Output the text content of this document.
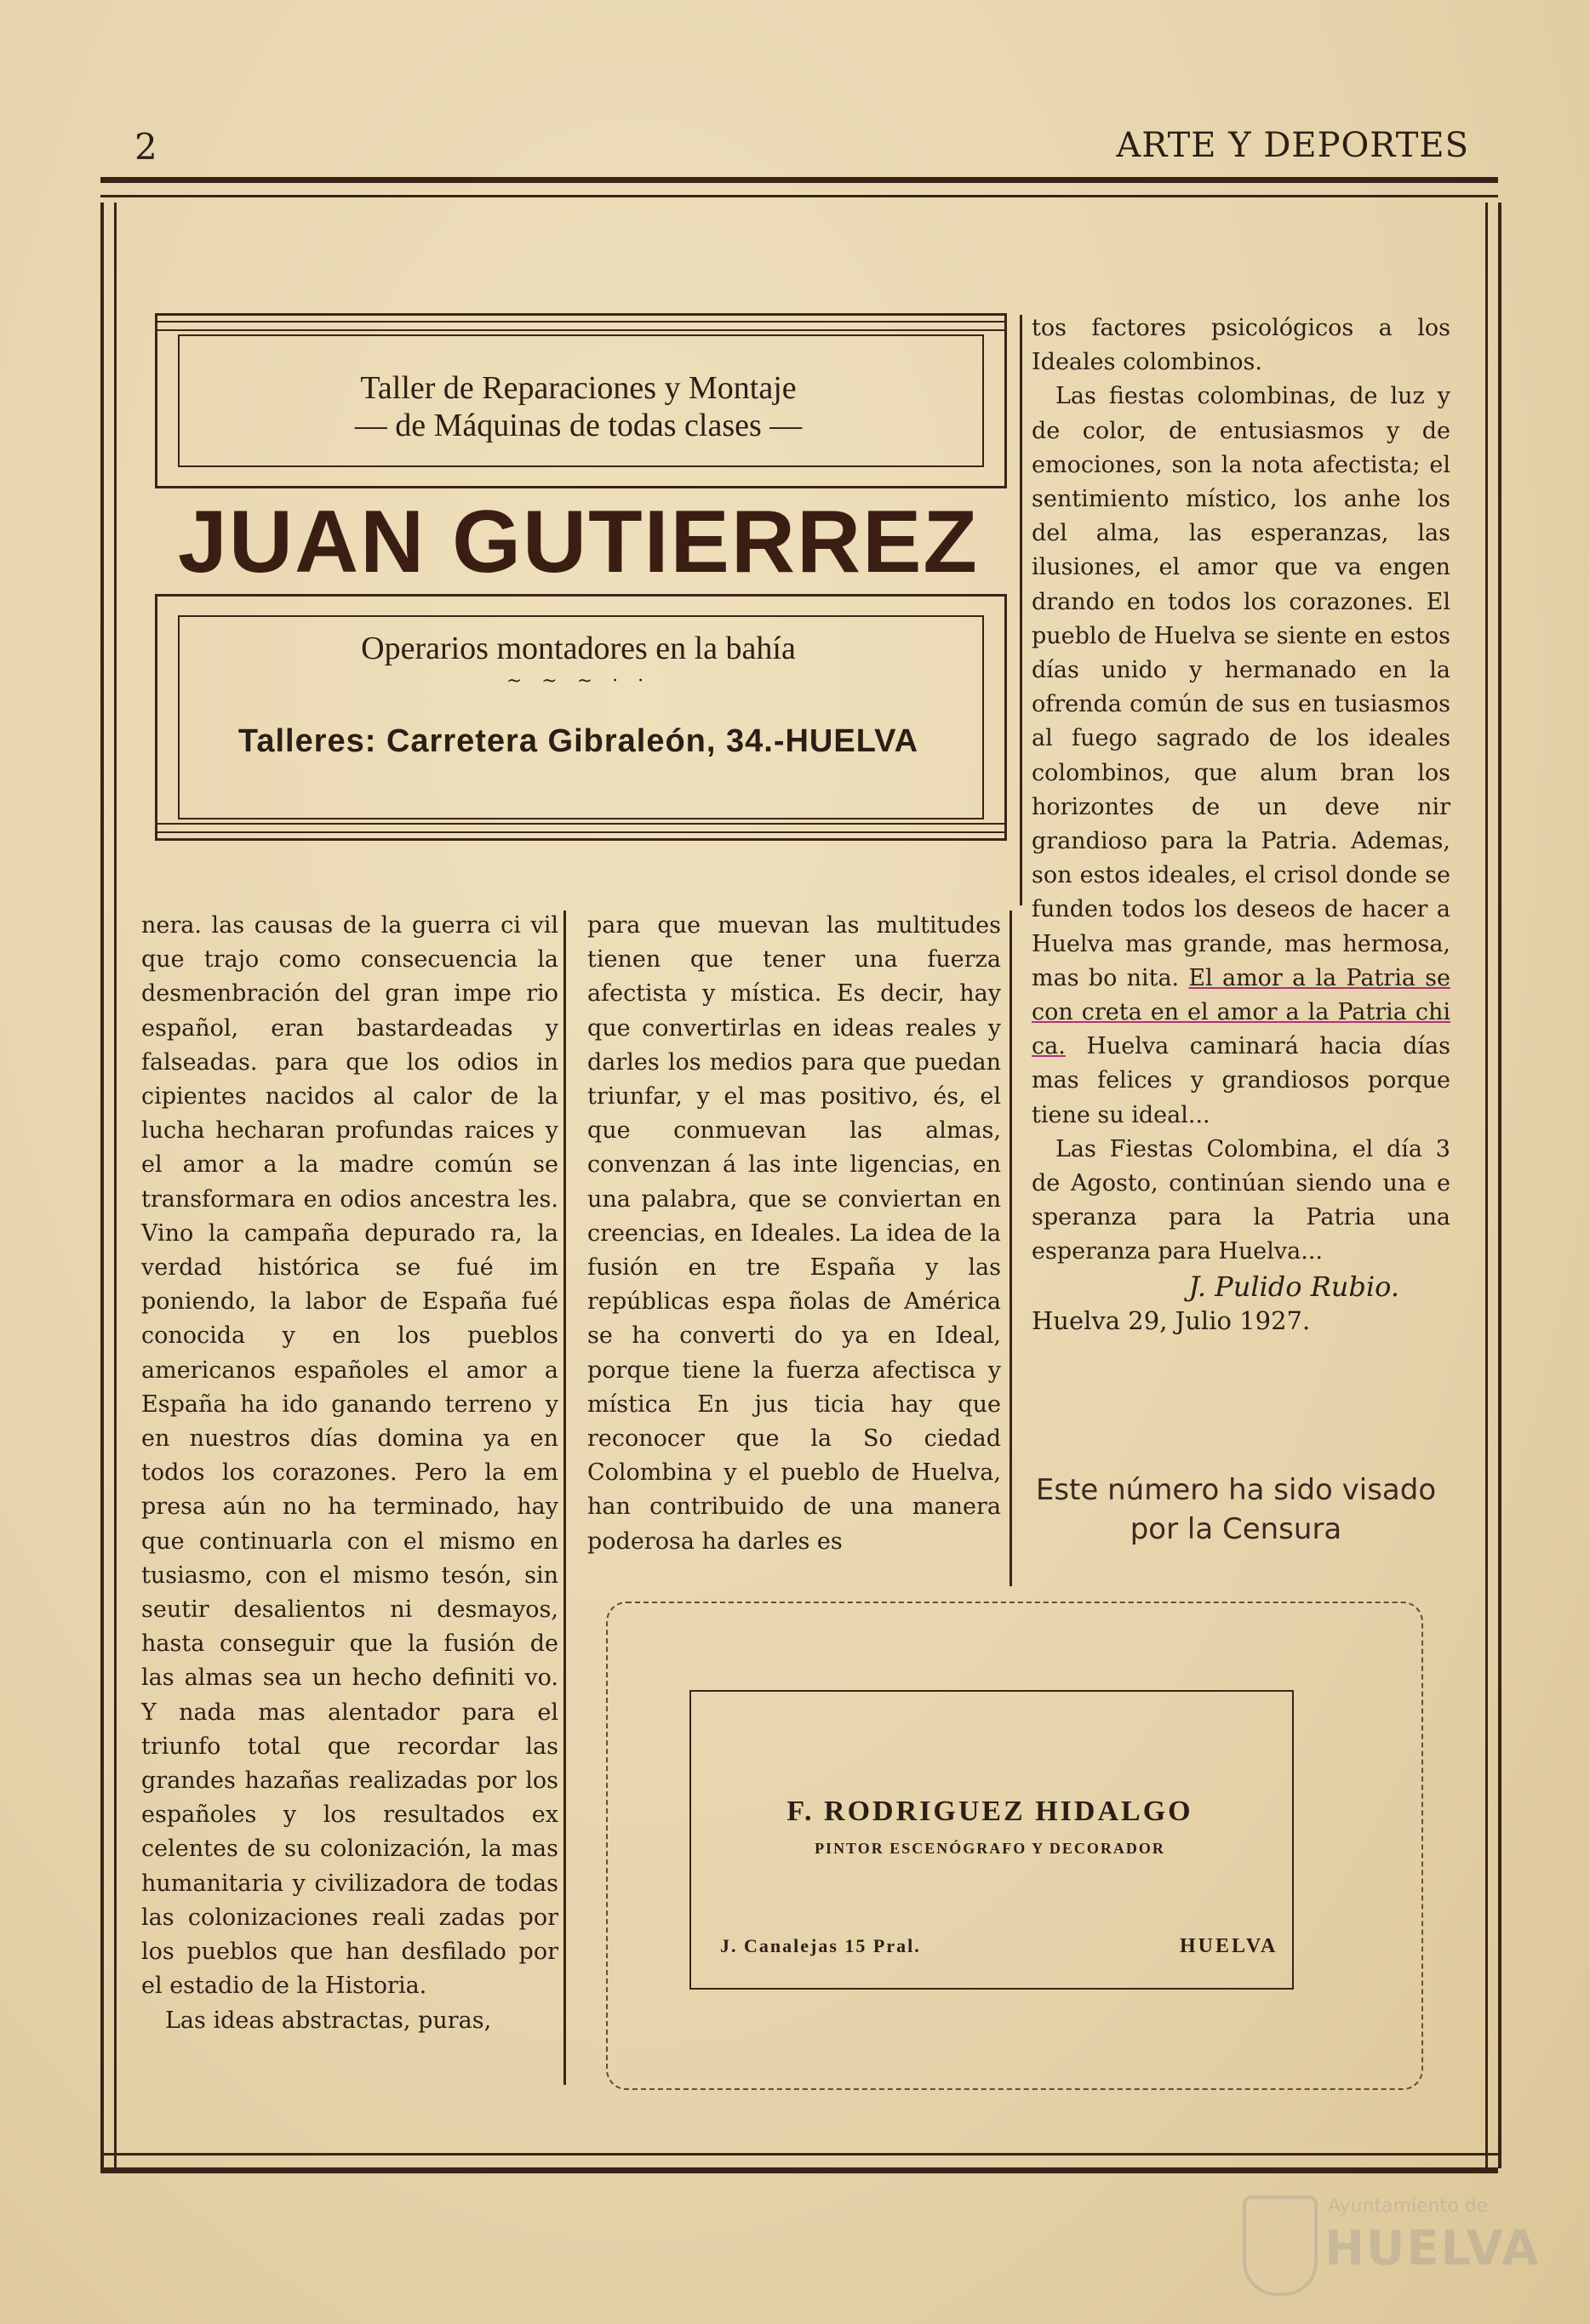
2	ARTE Y DEPORTES
Taller de Reparaciones y Montaje
— de Máquinas de todas clases —
JUAN GUTIERREZ
Operarios montadores en la bahía
~ ~ ~ · ·
Talleres: Carretera Gibraleón, 34.-HUELVA

nera. las causas de la guerra ci vil que trajo como consecuencia la desmenbración del gran impe rio español, eran bastardeadas y falseadas. para que los odios in cipientes nacidos al calor de la lucha hecharan profundas raices y el amor a la madre común se transformara en odios ancestra les. Vino la campaña depurado ra, la verdad histórica se fué im poniendo, la labor de España fué conocida y en los pueblos americanos españoles el amor a España ha ido ganando terreno y en nuestros días domina ya en todos los corazones. Pero la em presa aún no ha terminado, hay que continuarla con el mismo en tusiasmo, con el mismo tesón, sin seutir desalientos ni desmayos, hasta conseguir que la fusión de las almas sea un hecho definiti vo. Y nada mas alentador para el triunfo total que recordar las grandes hazañas realizadas por los españoles y los resultados ex celentes de su colonización, la mas humanitaria y civilizadora de todas las colonizaciones reali zadas por los pueblos que han desfilado por el estadio de la Historia.

Las ideas abstractas, puras,

para que muevan las multitudes tienen que tener una fuerza afectista y mística. Es decir, hay que convertirlas en ideas reales y darles los medios para que puedan triunfar, y el mas positivo, és, el que conmuevan las almas, convenzan á las inte ligencias, en una palabra, que se conviertan en creencias, en Ideales. La idea de la fusión en tre España y las repúblicas espa ñolas de América se ha converti do ya en Ideal, porque tiene la fuerza afectisca y mística En jus ticia hay que reconocer que la So ciedad Colombina y el pueblo de Huelva, han contribuido de una manera poderosa ha darles es

tos factores psicológicos a los Ideales colombinos.

Las fiestas colombinas, de luz y de color, de entusiasmos y de emociones, son la nota afectista; el sentimiento místico, los anhe los del alma, las esperanzas, las ilusiones, el amor que va engen drando en todos los corazones. El pueblo de Huelva se siente en estos días unido y hermanado en la ofrenda común de sus en tusiasmos al fuego sagrado de los ideales colombinos, que alum bran los horizontes de un deve nir grandioso para la Patria. Ademas, son estos ideales, el crisol donde se funden todos los deseos de hacer a Huelva mas grande, mas hermosa, mas bo nita. El amor a la Patria se con creta en el amor a la Patria chi ca. Huelva caminará hacia días mas felices y grandiosos porque tiene su ideal...

Las Fiestas Colombina, el día 3 de Agosto, continúan siendo una e speranza para la Patria una esperanza para Huelva...

J. Pulido Rubio.

Huelva 29, Julio 1927.

Este número ha sido visado
por la Censura
F. RODRIGUEZ HIDALGO
PINTOR ESCENÓGRAFO Y DECORADOR
J. Canalejas 15 Pral.	HUELVA
Ayuntamiento de
HUELVA
